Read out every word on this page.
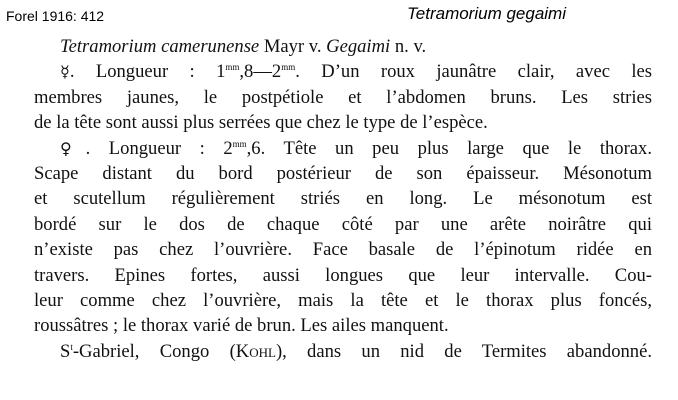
Forel 1916: 412	Tetramorium gegaimi
Tetramorium camerunense Mayr v. Gegaimi n. v.
☿. Longueur : $1^{mm},8—2^{mm}$. D’un roux jaunâtre clair, avec les
membres jaunes, le postpétiole et l’abdomen bruns. Les stries
de la tête sont aussi plus serrées que chez le type de l’espèce.
♀. Longueur : $2^{mm},6$. Tête un peu plus large que le thorax.
Scape distant du bord postérieur de son épaisseur. Mésonotum
et scutellum régulièrement striés en long. Le mésonotum est
bordé sur le dos de chaque côté par une arête noirâtre qui
n’existe pas chez l’ouvrière. Face basale de l’épinotum ridée en
travers. Epines fortes, aussi longues que leur intervalle. Cou-
leur comme chez l’ouvrière, mais la tête et le thorax plus foncés,
roussâtres ; le thorax varié de brun. Les ailes manquent.
$S^t$-Gabriel, Congo (Kohl), dans un nid de Termites abandonné.
